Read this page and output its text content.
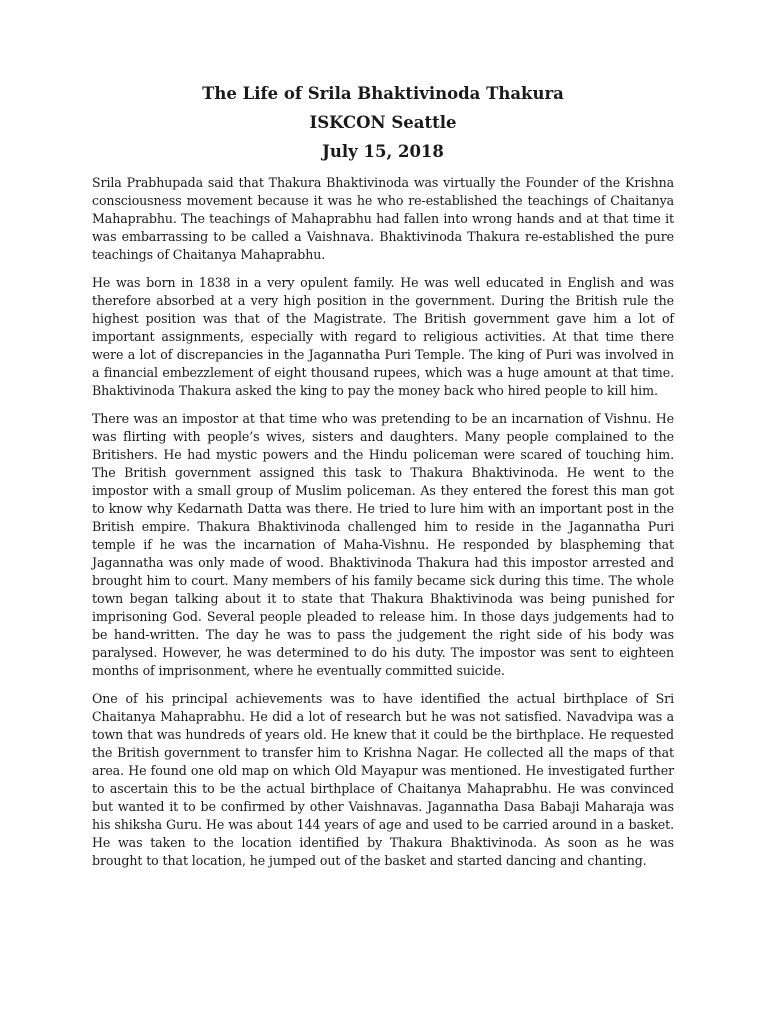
The Life of Srila Bhaktivinoda Thakura
ISKCON Seattle
July 15, 2018

Srila Prabhupada said that Thakura Bhaktivinoda was virtually the Founder of the Krishna consciousness movement because it was he who re-established the teachings of Chaitanya Mahaprabhu. The teachings of Mahaprabhu had fallen into wrong hands and at that time it was embarrassing to be called a Vaishnava. Bhaktivinoda Thakura re-established the pure teachings of Chaitanya Mahaprabhu.

He was born in 1838 in a very opulent family. He was well educated in English and was therefore absorbed at a very high position in the government. During the British rule the highest position was that of the Magistrate. The British government gave him a lot of important assignments, especially with regard to religious activities. At that time there were a lot of discrepancies in the Jagannatha Puri Temple. The king of Puri was involved in a financial embezzlement of eight thousand rupees, which was a huge amount at that time. Bhaktivinoda Thakura asked the king to pay the money back who hired people to kill him.

There was an impostor at that time who was pretending to be an incarnation of Vishnu. He was flirting with people’s wives, sisters and daughters. Many people complained to the Britishers. He had mystic powers and the Hindu policeman were scared of touching him. The British government assigned this task to Thakura Bhaktivinoda. He went to the impostor with a small group of Muslim policeman. As they entered the forest this man got to know why Kedarnath Datta was there. He tried to lure him with an important post in the British empire. Thakura Bhaktivinoda challenged him to reside in the Jagannatha Puri temple if he was the incarnation of Maha-Vishnu. He responded by blaspheming that Jagannatha was only made of wood. Bhaktivinoda Thakura had this impostor arrested and brought him to court. Many members of his family became sick during this time. The whole town began talking about it to state that Thakura Bhaktivinoda was being punished for imprisoning God. Several people pleaded to release him. In those days judgements had to be hand-written. The day he was to pass the judgement the right side of his body was paralysed. However, he was determined to do his duty. The impostor was sent to eighteen months of imprisonment, where he eventually committed suicide.

One of his principal achievements was to have identified the actual birthplace of Sri Chaitanya Mahaprabhu. He did a lot of research but he was not satisfied. Navadvipa was a town that was hundreds of years old. He knew that it could be the birthplace. He requested the British government to transfer him to Krishna Nagar. He collected all the maps of that area. He found one old map on which Old Mayapur was mentioned. He investigated further to ascertain this to be the actual birthplace of Chaitanya Mahaprabhu. He was convinced but wanted it to be confirmed by other Vaishnavas. Jagannatha Dasa Babaji Maharaja was his shiksha Guru. He was about 144 years of age and used to be carried around in a basket. He was taken to the location identified by Thakura Bhaktivinoda. As soon as he was brought to that location, he jumped out of the basket and started dancing and chanting.
